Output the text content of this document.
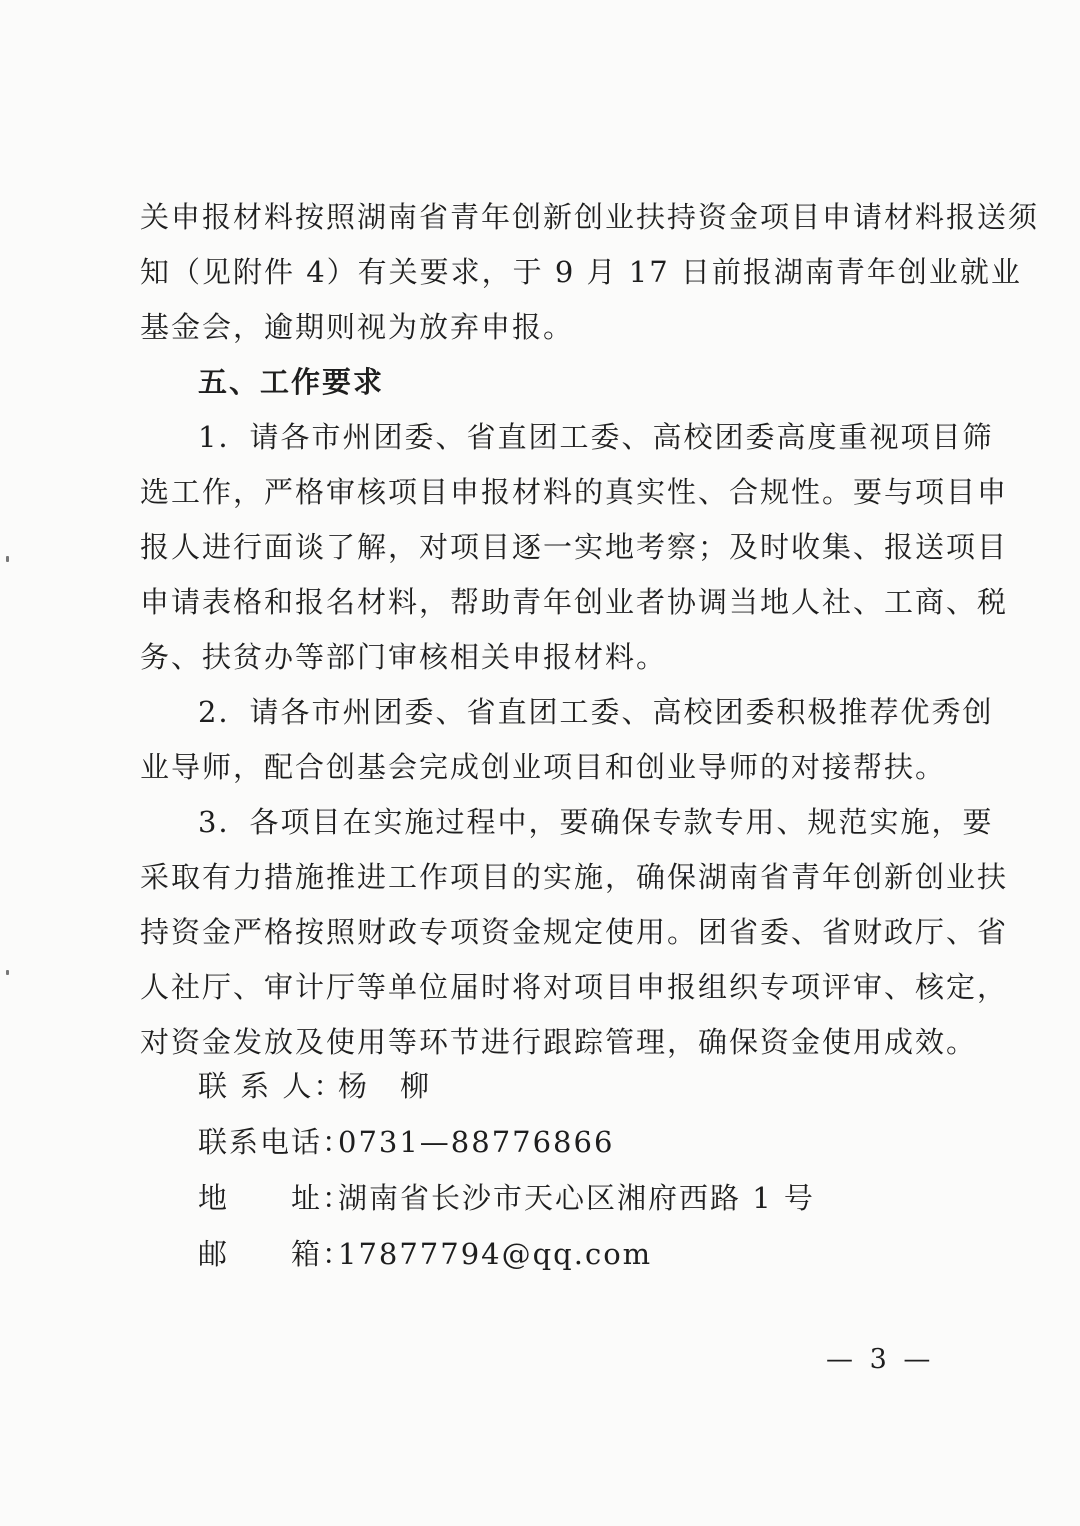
关申报材料按照湖南省青年创新创业扶持资金项目申请材料报送须
知（见附件 4）有关要求，于 9 月 17 日前报湖南青年创业就业
基金会，逾期则视为放弃申报。
五、工作要求
1．请各市州团委、省直团工委、高校团委高度重视项目筛
选工作，严格审核项目申报材料的真实性、合规性。要与项目申
报人进行面谈了解，对项目逐一实地考察；及时收集、报送项目
申请表格和报名材料，帮助青年创业者协调当地人社、工商、税
务、扶贫办等部门审核相关申报材料。
2．请各市州团委、省直团工委、高校团委积极推荐优秀创
业导师，配合创基会完成创业项目和创业导师的对接帮扶。
3．各项目在实施过程中，要确保专款专用、规范实施，要
采取有力措施推进工作项目的实施，确保湖南省青年创新创业扶
持资金严格按照财政专项资金规定使用。团省委、省财政厅、省
人社厅、审计厅等单位届时将对项目申报组织专项评审、核定，
对资金发放及使用等环节进行跟踪管理，确保资金使用成效。
联 系 人：
杨　柳
联系电话：
0731—88776866
地　　址：
湖南省长沙市天心区湘府西路 1 号
邮　　箱：
17877794@qq.com
— 3 —
